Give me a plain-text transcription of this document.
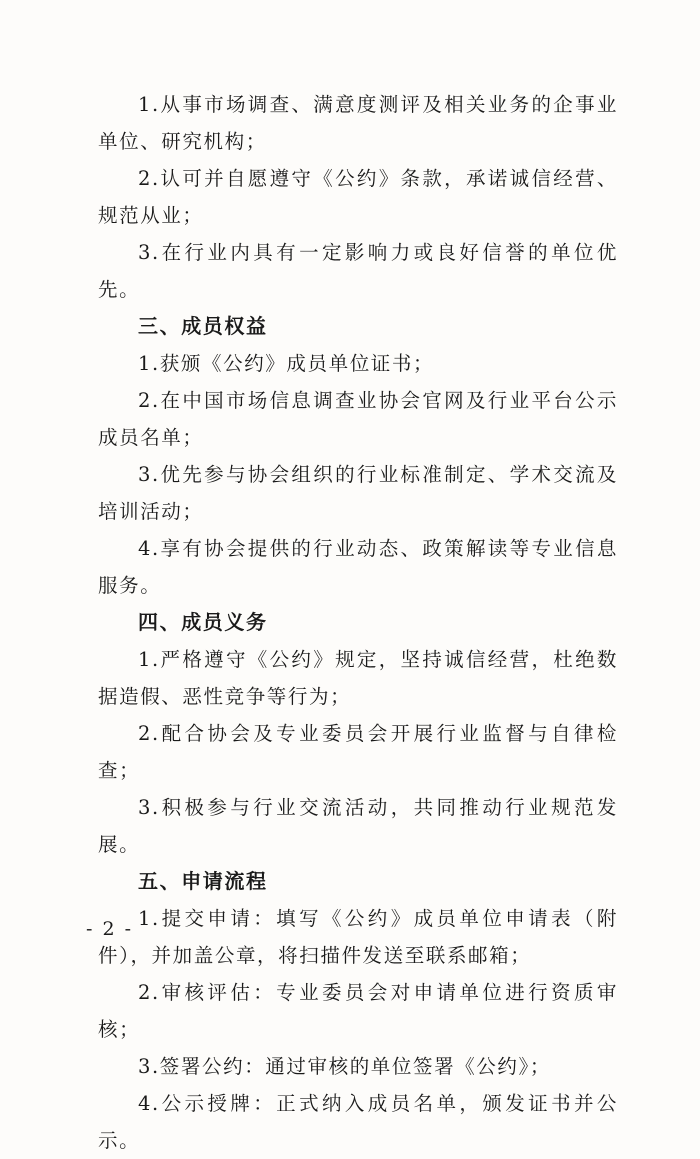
1.从事市场调查、满意度测评及相关业务的企事业单位、研究机构；

2.认可并自愿遵守《公约》条款，承诺诚信经营、规范从业；

3.在行业内具有一定影响力或良好信誉的单位优先。

三、成员权益

1.获颁《公约》成员单位证书；

2.在中国市场信息调查业协会官网及行业平台公示成员名单；

3.优先参与协会组织的行业标准制定、学术交流及培训活动；

4.享有协会提供的行业动态、政策解读等专业信息服务。

四、成员义务

1.严格遵守《公约》规定，坚持诚信经营，杜绝数据造假、恶性竞争等行为；

2.配合协会及专业委员会开展行业监督与自律检查；

3.积极参与行业交流活动，共同推动行业规范发展。

五、申请流程

1.提交申请：填写《公约》成员单位申请表（附件），并加盖公章，将扫描件发送至联系邮箱；

2.审核评估：专业委员会对申请单位进行资质审核；

3.签署公约：通过审核的单位签署《公约》；

4.公示授牌：正式纳入成员名单，颁发证书并公示。

- 2 -
